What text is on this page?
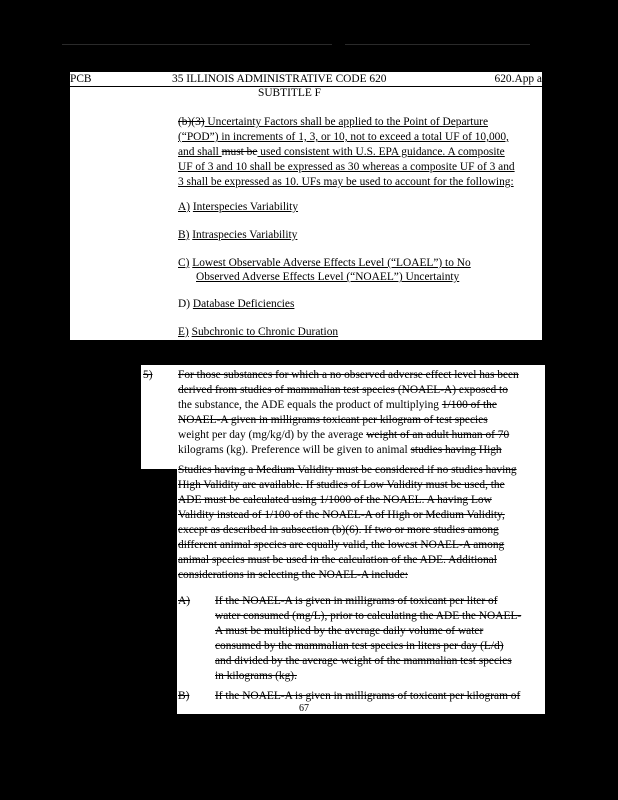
PCB	35 ILLINOIS ADMINISTRATIVE CODE 620	620.App a
SUBTITLE F
(b)(3) Uncertainty Factors shall be applied to the Point of Departure
(“POD”) in increments of 1, 3, or 10, not to exceed a total UF of 10,000,
and shall must be used consistent with U.S. EPA guidance. A composite
UF of 3 and 10 shall be expressed as 30 whereas a composite UF of 3 and
3 shall be expressed as 10. UFs may be used to account for the following:
A) Interspecies Variability
B) Intraspecies Variability
C) Lowest Observable Adverse Effects Level (“LOAEL”) to No
Observed Adverse Effects Level (“NOAEL”) Uncertainty
D) Database Deficiencies
E) Subchronic to Chronic Duration
5) For those substances for which a no observed adverse effect level has been
derived from studies of mammalian test species (NOAEL-A) exposed to
the substance, the ADE equals the product of multiplying 1/100 of the
NOAEL-A given in milligrams toxicant per kilogram of test species
weight per day (mg/kg/d) by the average weight of an adult human of 70
kilograms (kg). Preference will be given to animal studies having High
Studies having a Medium Validity must be considered if no studies having
High Validity are available. If studies of Low Validity must be used, the
ADE must be calculated using 1/1000 of the NOAEL. A having Low
Validity instead of 1/100 of the NOAEL-A of High or Medium Validity,
except as described in subsection (b)(6). If two or more studies among
different animal species are equally valid, the lowest NOAEL-A among
animal species must be used in the calculation of the ADE. Additional
considerations in selecting the NOAEL-A include:
A) If the NOAEL-A is given in milligrams of toxicant per liter of
water consumed (mg/L), prior to calculating the ADE the NOAEL-
A must be multiplied by the average daily volume of water
consumed by the mammalian test species in liters per day (L/d)
and divided by the average weight of the mammalian test species
in kilograms (kg).
B) If the NOAEL-A is given in milligrams of toxicant per kilogram of
67
